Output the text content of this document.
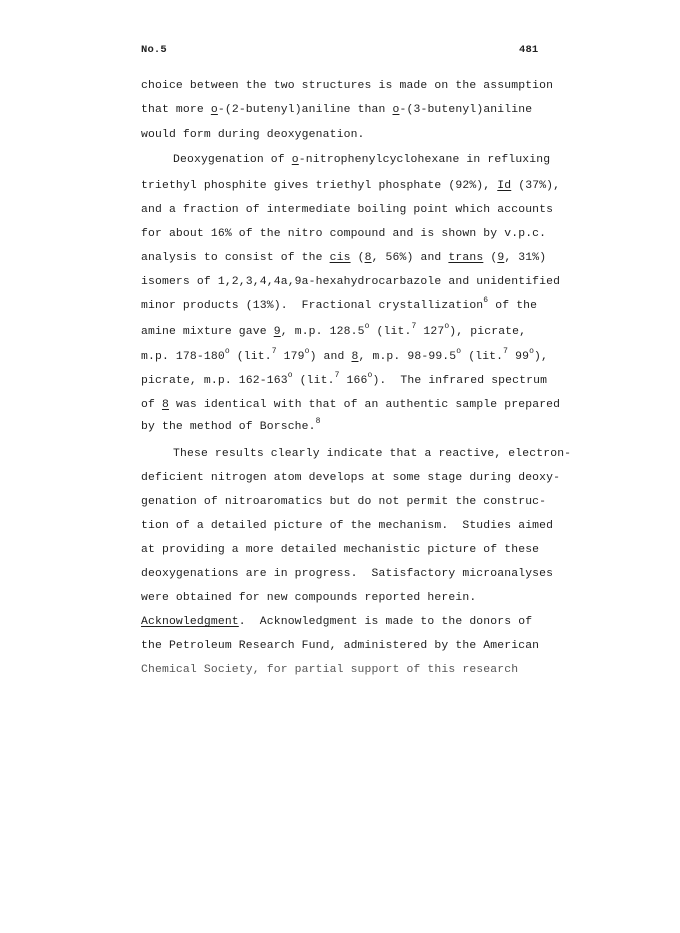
No.5	481
choice between the two structures is made on the assumption
that more o-(2-butenyl)aniline than o-(3-butenyl)aniline
would form during deoxygenation.
Deoxygenation of o-nitrophenylcyclohexane in refluxing
triethyl phosphite gives triethyl phosphate (92%), Id (37%),
and a fraction of intermediate boiling point which accounts
for about 16% of the nitro compound and is shown by v.p.c.
analysis to consist of the cis (8, 56%) and trans (9, 31%)
isomers of 1,2,3,4,4a,9a-hexahydrocarbazole and unidentified
minor products (13%).  Fractional crystallization$^6$ of the
amine mixture gave 9, m.p. 128.5$^o$ (lit.$^7$ 127$^o$), picrate,
m.p. 178-180$^o$ (lit.$^7$ 179$^o$) and 8, m.p. 98-99.5$^o$ (lit.$^7$ 99$^o$),
picrate, m.p. 162-163$^o$ (lit.$^7$ 166$^o$).  The infrared spectrum
of 8 was identical with that of an authentic sample prepared
by the method of Borsche.$^8$
These results clearly indicate that a reactive, electron-
deficient nitrogen atom develops at some stage during deoxy-
genation of nitroaromatics but do not permit the construc-
tion of a detailed picture of the mechanism.  Studies aimed
at providing a more detailed mechanistic picture of these
deoxygenations are in progress.  Satisfactory microanalyses
were obtained for new compounds reported herein.
Acknowledgment.  Acknowledgment is made to the donors of
the Petroleum Research Fund, administered by the American
Chemical Society, for partial support of this research
